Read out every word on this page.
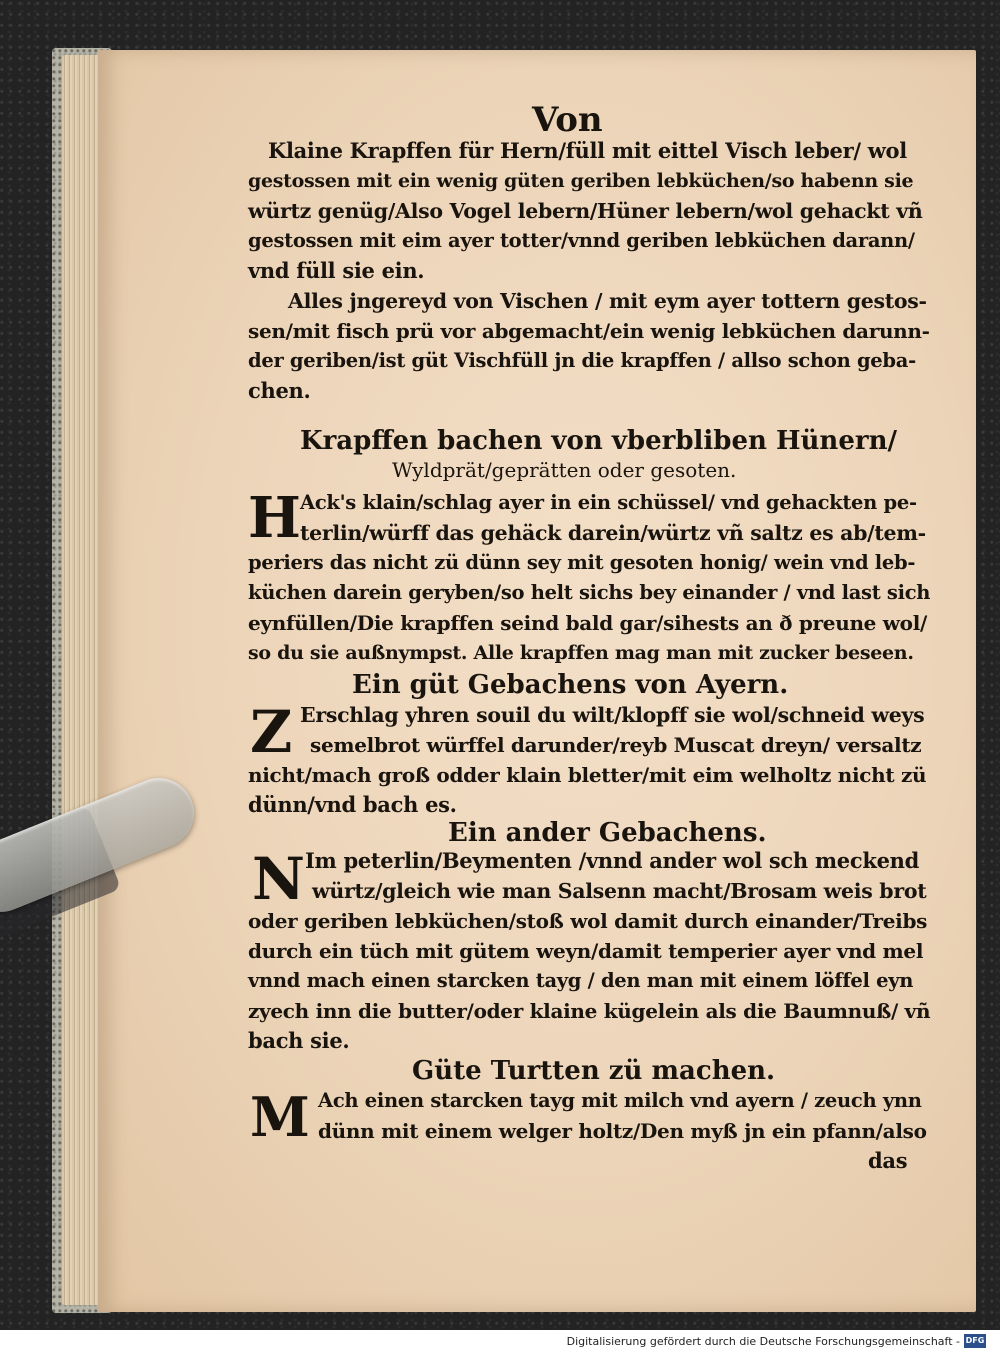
Von
Klaine Krapffen für Hern/füll mit eittel Visch leber/ wol
gestossen mit ein wenig güten geriben lebküchen/so habenn sie
würtz genüg/Also Vogel lebern/Hüner lebern/wol gehackt vñ
gestossen mit eim ayer totter/vnnd geriben lebküchen darann/
vnd füll sie ein.
Alles jngereyd von Vischen / mit eym ayer tottern gestos-
sen/mit fisch prü vor abgemacht/ein wenig lebküchen darunn-
der geriben/ist güt Vischfüll jn die krapffen / allso schon geba-
chen.
Krapffen bachen von vberbliben Hünern/
Wyldprät/geprätten oder gesoten.
H Ack's klain/schlag ayer in ein schüssel/ vnd gehackten pe-
terlin/würff das gehäck darein/würtz vñ saltz es ab/tem-
periers das nicht zü dünn sey mit gesoten honig/ wein vnd leb-
küchen darein geryben/so helt sichs bey einander / vnd last sich
eynfüllen/Die krapffen seind bald gar/sihests an ð preune wol/
so du sie außnympst. Alle krapffen mag man mit zucker beseen.
Ein güt Gebachens von Ayern.
Z Erschlag yhren souil du wilt/klopff sie wol/schneid weys
semelbrot würffel darunder/reyb Muscat dreyn/ versaltz
nicht/mach groß odder klain bletter/mit eim welholtz nicht zü
dünn/vnd bach es.
Ein ander Gebachens.
N Im peterlin/Beymenten /vnnd ander wol sch meckend
würtz/gleich wie man Salsenn macht/Brosam weis brot
oder geriben lebküchen/stoß wol damit durch einander/Treibs
durch ein tüch mit gütem weyn/damit temperier ayer vnd mel
vnnd mach einen starcken tayg / den man mit einem löffel eyn
zyech inn die butter/oder klaine kügelein als die Baumnuß/ vñ
bach sie.
Güte Turtten zü machen.
M Ach einen starcken tayg mit milch vnd ayern / zeuch ynn
dünn mit einem welger holtz/Den myß jn ein pfann/also
das
Digitalisierung gefördert durch die Deutsche Forschungsgemeinschaft - DFG
